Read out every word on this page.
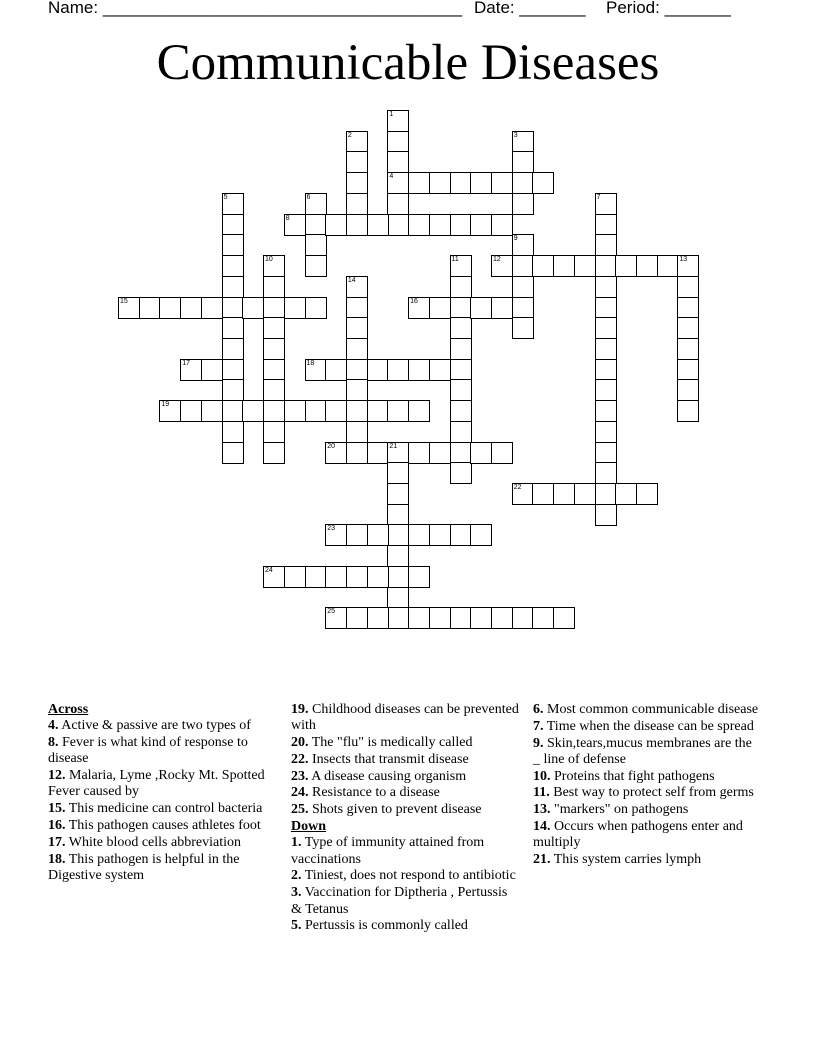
Name: ______________________________________ Date: _______ Period: _______
Communicable Diseases
1
4
2	3
5	6	7
8
9
10	11	12	13
14
15	16
17	18
19
20	21
22
23
24
25
Across
4. Active & passive are two types of
8. Fever is what kind of response to disease
12. Malaria, Lyme ,Rocky Mt. Spotted Fever caused by
15. This medicine can control bacteria
16. This pathogen causes athletes foot
17. White blood cells abbreviation
18. This pathogen is helpful in the Digestive system
19. Childhood diseases can be prevented with
20. The "flu" is medically called
22. Insects that transmit disease
23. A disease causing organism
24. Resistance to a disease
25. Shots given to prevent disease
Down
1. Type of immunity attained from vaccinations
2. Tiniest, does not respond to antibiotic
3. Vaccination for Diptheria , Pertussis & Tetanus
5. Pertussis is commonly called
6. Most common communicable disease
7. Time when the disease can be spread
9. Skin,tears,mucus membranes are the _ line of defense
10. Proteins that fight pathogens
11. Best way to protect self from germs
13. "markers" on pathogens
14. Occurs when pathogens enter and multiply
21. This system carries lymph
